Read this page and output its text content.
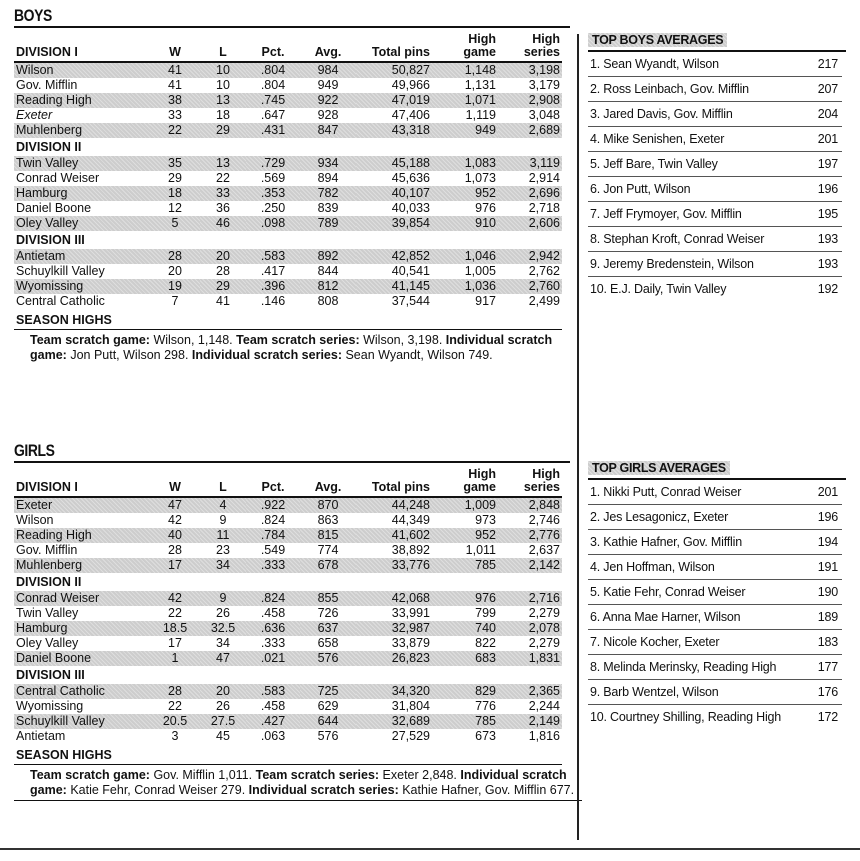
BOYS
DIVISION I	W	L	Pct.	Avg.	Total pins	High game	High series
Wilson	41	10	.804	984	50,827	1,148	3,198
Gov. Mifflin	41	10	.804	949	49,966	1,131	3,179
Reading High	38	13	.745	922	47,019	1,071	2,908
Exeter	33	18	.647	928	47,406	1,119	3,048
Muhlenberg	22	29	.431	847	43,318	949	2,689
DIVISION II							
Twin Valley	35	13	.729	934	45,188	1,083	3,119
Conrad Weiser	29	22	.569	894	45,636	1,073	2,914
Hamburg	18	33	.353	782	40,107	952	2,696
Daniel Boone	12	36	.250	839	40,033	976	2,718
Oley Valley	5	46	.098	789	39,854	910	2,606
DIVISION III							
Antietam	28	20	.583	892	42,852	1,046	2,942
Schuylkill Valley	20	28	.417	844	40,541	1,005	2,762
Wyomissing	19	29	.396	812	41,145	1,036	2,760
Central Catholic	7	41	.146	808	37,544	917	2,499
SEASON HIGHS
Team scratch game: Wilson, 1,148. Team scratch series: Wilson, 3,198. Individual scratch game: Jon Putt, Wilson 298. Individual scratch series: Sean Wyandt, Wilson 749.
GIRLS
DIVISION I	W	L	Pct.	Avg.	Total pins	High game	High series
Exeter	47	4	.922	870	44,248	1,009	2,848
Wilson	42	9	.824	863	44,349	973	2,746
Reading High	40	11	.784	815	41,602	952	2,776
Gov. Mifflin	28	23	.549	774	38,892	1,011	2,637
Muhlenberg	17	34	.333	678	33,776	785	2,142
DIVISION II							
Conrad Weiser	42	9	.824	855	42,068	976	2,716
Twin Valley	22	26	.458	726	33,991	799	2,279
Hamburg	18.5	32.5	.636	637	32,987	740	2,078
Oley Valley	17	34	.333	658	33,879	822	2,279
Daniel Boone	1	47	.021	576	26,823	683	1,831
DIVISION III							
Central Catholic	28	20	.583	725	34,320	829	2,365
Wyomissing	22	26	.458	629	31,804	776	2,244
Schuylkill Valley	20.5	27.5	.427	644	32,689	785	2,149
Antietam	3	45	.063	576	27,529	673	1,816
SEASON HIGHS
Team scratch game: Gov. Mifflin 1,011. Team scratch series: Exeter 2,848. Individual scratch game: Katie Fehr, Conrad Weiser 279. Individual scratch series: Kathie Hafner, Gov. Mifflin 677.
TOP BOYS AVERAGES
1. Sean Wyandt, Wilson	217
2. Ross Leinbach, Gov. Mifflin	207
3. Jared Davis, Gov. Mifflin	204
4. Mike Senishen, Exeter	201
5. Jeff Bare, Twin Valley	197
6. Jon Putt, Wilson	196
7. Jeff Frymoyer, Gov. Mifflin	195
8. Stephan Kroft, Conrad Weiser	193
9. Jeremy Bredenstein, Wilson	193
10. E.J. Daily, Twin Valley	192
TOP GIRLS AVERAGES
1. Nikki Putt, Conrad Weiser	201
2. Jes Lesagonicz, Exeter	196
3. Kathie Hafner, Gov. Mifflin	194
4. Jen Hoffman, Wilson	191
5. Katie Fehr, Conrad Weiser	190
6. Anna Mae Harner, Wilson	189
7. Nicole Kocher, Exeter	183
8. Melinda Merinsky, Reading High	177
9. Barb Wentzel, Wilson	176
10. Courtney Shilling, Reading High	172
